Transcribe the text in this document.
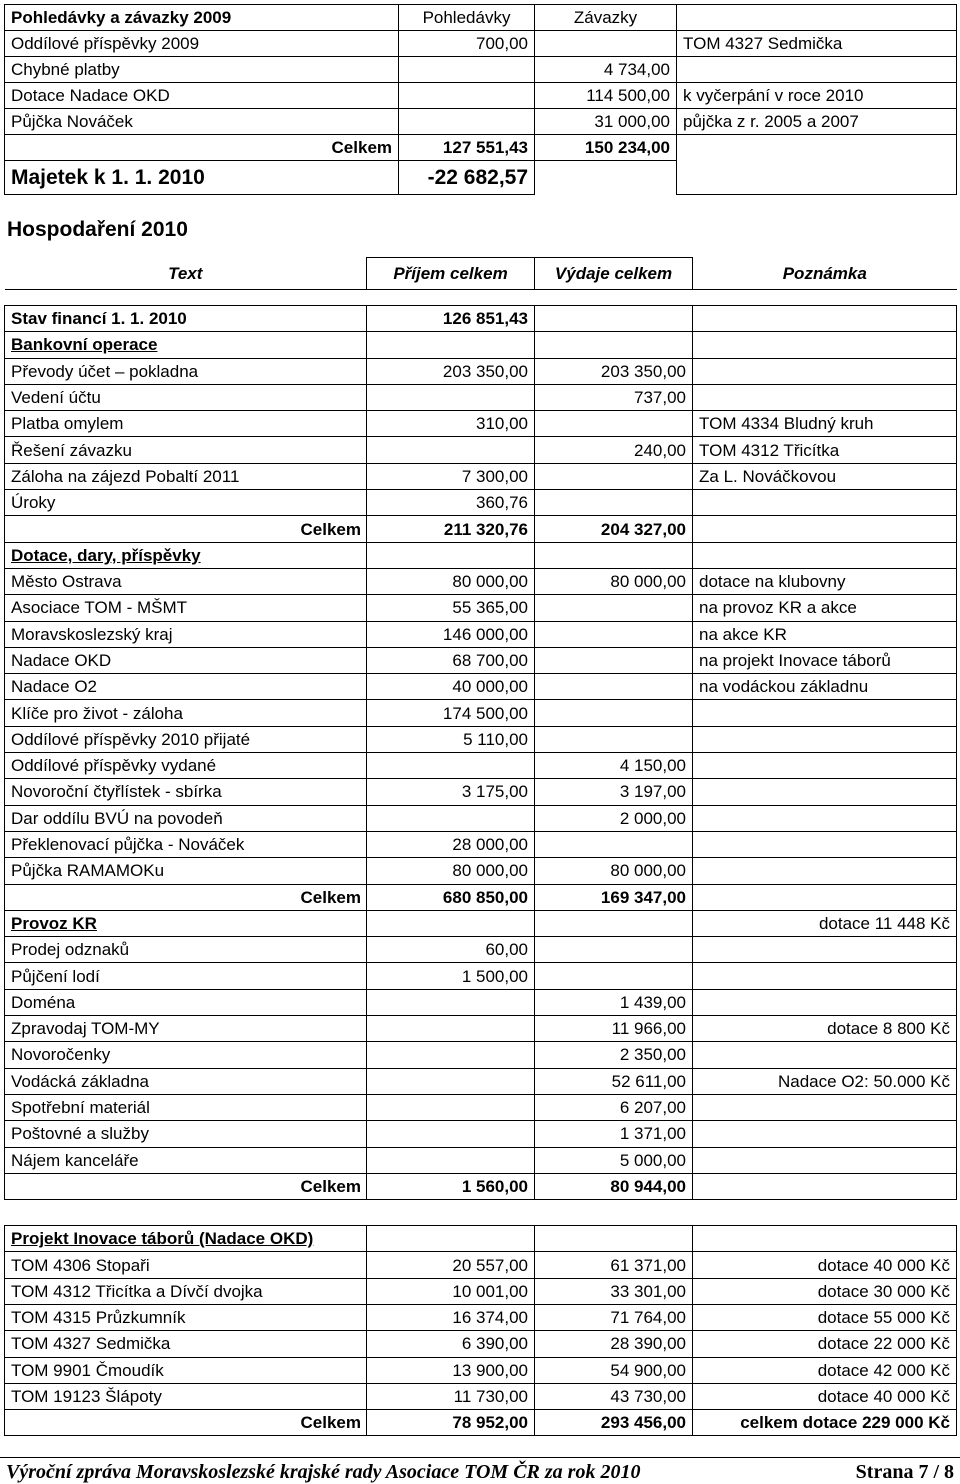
Pohledávky a závazky 2009		Pohledávky	Závazky	
Oddílové příspěvky 2009		700,00		TOM 4327 Sedmička
Chybné platby			4 734,00	
Dotace Nadace OKD			114 500,00	k vyčerpání v roce 2010
Půjčka Nováček			31 000,00	půjčka z r. 2005 a 2007
	Celkem	127 551,43	150 234,00	
Majetek k 1. 1. 2010		-22 682,57		
Hospodaření 2010
Text		Příjem celkem	Výdaje celkem	Poznámka

Stav financí 1. 1. 2010		126 851,43		
Bankovní operace				
Převody účet – pokladna		203 350,00	203 350,00	
Vedení účtu			737,00	
Platba omylem		310,00		TOM 4334 Bludný kruh
Řešení závazku			240,00	TOM 4312 Třicítka
Záloha na zájezd Pobaltí 2011		7 300,00		Za L. Nováčkovou
Úroky		360,76		
	Celkem	211 320,76	204 327,00	
Dotace, dary, příspěvky				
Město Ostrava		80 000,00	80 000,00	dotace na klubovny
Asociace TOM - MŠMT		55 365,00		na provoz KR a akce
Moravskoslezský kraj		146 000,00		na akce KR
Nadace OKD		68 700,00		na projekt Inovace táborů
Nadace O2		40 000,00		na vodáckou základnu
Klíče pro život - záloha		174 500,00		
Oddílové příspěvky 2010 přijaté		5 110,00		
Oddílové příspěvky vydané			4 150,00	
Novoroční čtyřlístek - sbírka		3 175,00	3 197,00	
Dar oddílu BVÚ na povodeň			2 000,00	
Překlenovací půjčka - Nováček		28 000,00		
Půjčka RAMAMOKu		80 000,00	80 000,00	
	Celkem	680 850,00	169 347,00	
Provoz KR				dotace 11 448 Kč
Prodej odznaků		60,00		
Půjčení lodí		1 500,00		
Doména			1 439,00	
Zpravodaj TOM-MY			11 966,00	dotace 8 800 Kč
Novoročenky			2 350,00	
Vodácká základna			52 611,00	Nadace O2: 50.000 Kč
Spotřební materiál			6 207,00	
Poštovné a služby			1 371,00	
Nájem kanceláře			5 000,00	
	Celkem	1 560,00	80 944,00	

Projekt Inovace táborů (Nadace OKD)				
TOM 4306 Stopaři		20 557,00	61 371,00	dotace 40 000 Kč
TOM 4312 Třicítka a Dívčí dvojka		10 001,00	33 301,00	dotace 30 000 Kč
TOM 4315 Průzkumník		16 374,00	71 764,00	dotace 55 000 Kč
TOM 4327 Sedmička		6 390,00	28 390,00	dotace 22 000 Kč
TOM 9901 Čmoudík		13 900,00	54 900,00	dotace 42 000 Kč
TOM 19123 Šlápoty		11 730,00	43 730,00	dotace 40 000 Kč
	Celkem	78 952,00	293 456,00	celkem dotace 229 000 Kč
Výroční zpráva Moravskoslezské krajské rady Asociace TOM ČR za rok 2010	Strana 7 / 8
